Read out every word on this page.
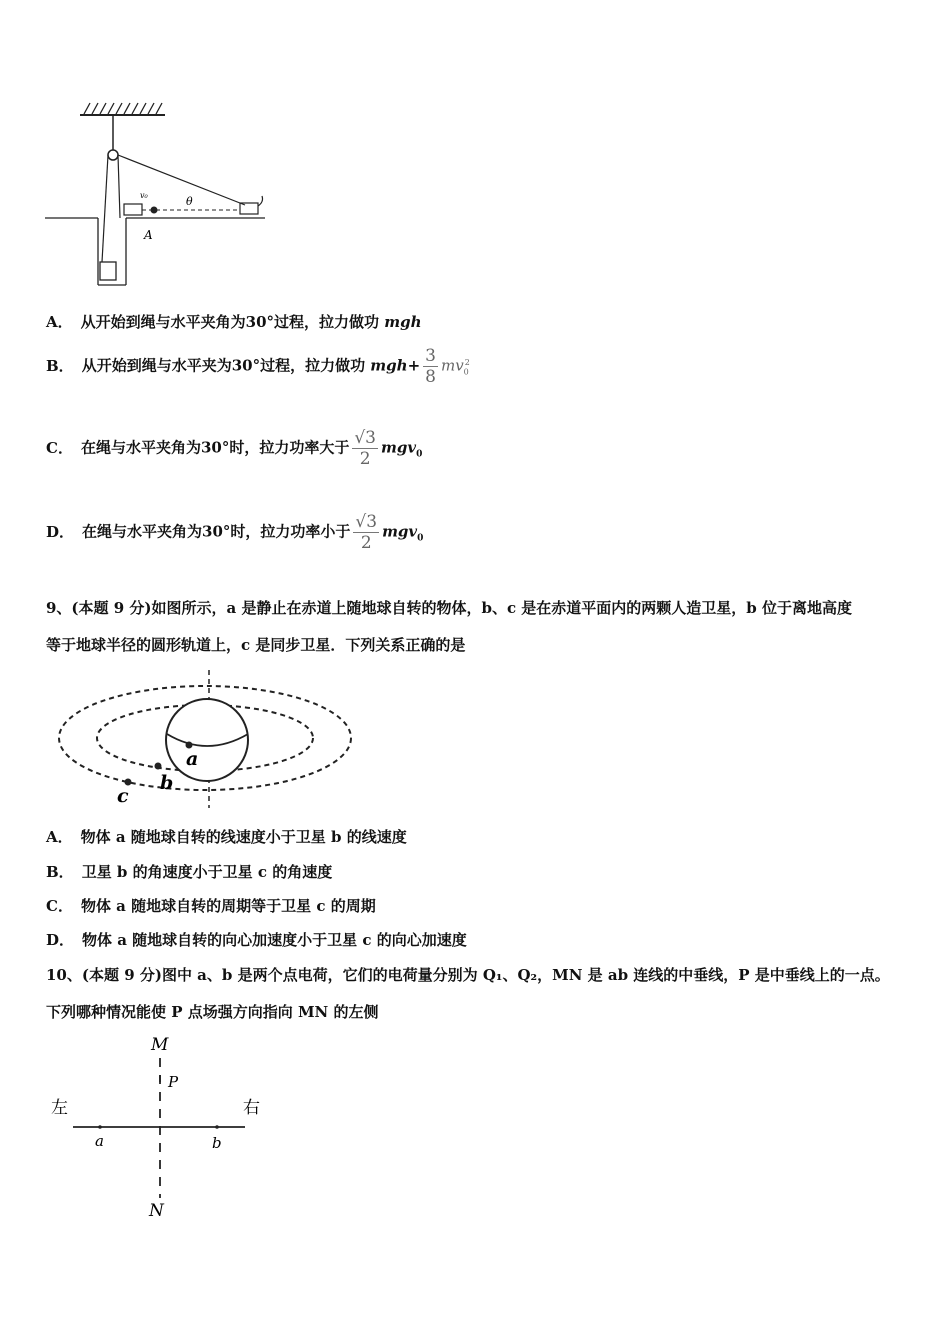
v₀	θ
A
A． 从开始到绳与水平夹角为30°过程，拉力做功 mgh
B． 从开始到绳与水平夹为30°过程，拉力做功 $mgh+ \frac{3}{8} mv_0^2$
C． 在绳与水平夹角为30°时，拉力功率大于 $\frac{√3}{2} mgv_0$
D． 在绳与水平夹角为30°时，拉力功率小于 $\frac{√3}{2} mgv_0$
9、(本题 9 分)如图所示，a 是静止在赤道上随地球自转的物体，b、c 是在赤道平面内的两颗人造卫星，b 位于离地高度
等于地球半径的圆形轨道上，c 是同步卫星．下列关系正确的是
a
b
c
A． 物体 a 随地球自转的线速度小于卫星 b 的线速度
B． 卫星 b 的角速度小于卫星 c 的角速度
C． 物体 a 随地球自转的周期等于卫星 c 的周期
D． 物体 a 随地球自转的向心加速度小于卫星 c 的向心加速度
10、(本题 9 分)图中 a、b 是两个点电荷，它们的电荷量分别为 Q₁、Q₂，MN 是 ab 连线的中垂线，P 是中垂线上的一点。
下列哪种情况能使 P 点场强方向指向 MN 的左侧
M
N
P
左	右
a	b
